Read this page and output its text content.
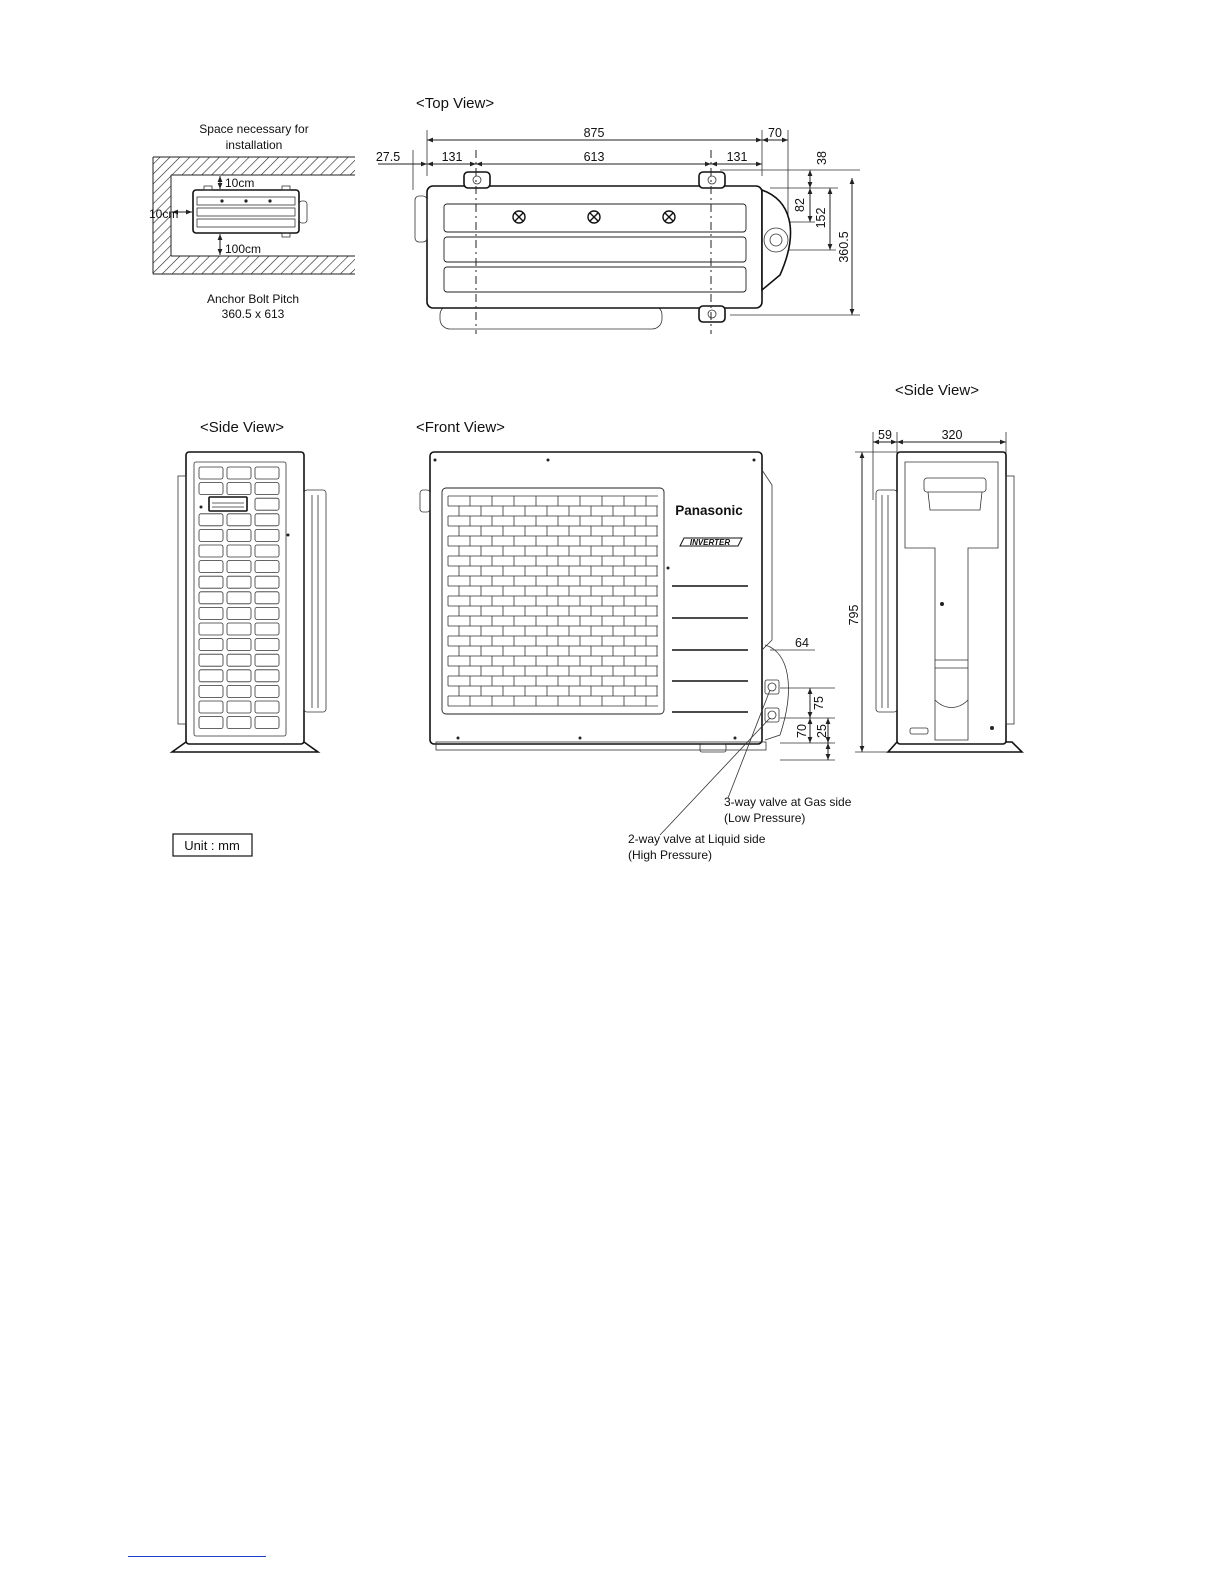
Space necessary for
installation
10cm
10cm
100cm
Anchor Bolt Pitch
360.5 x 613
<Top View>
875	70
27.5	131	613	131	38
82
152
360.5
<Side View>	<Front View>
Panasonic
INVERTER
64
75
70 25
3-way valve at Gas side
(Low Pressure)
2-way valve at Liquid side
(High Pressure)
<Side View>
59	320
795
Unit : mm
